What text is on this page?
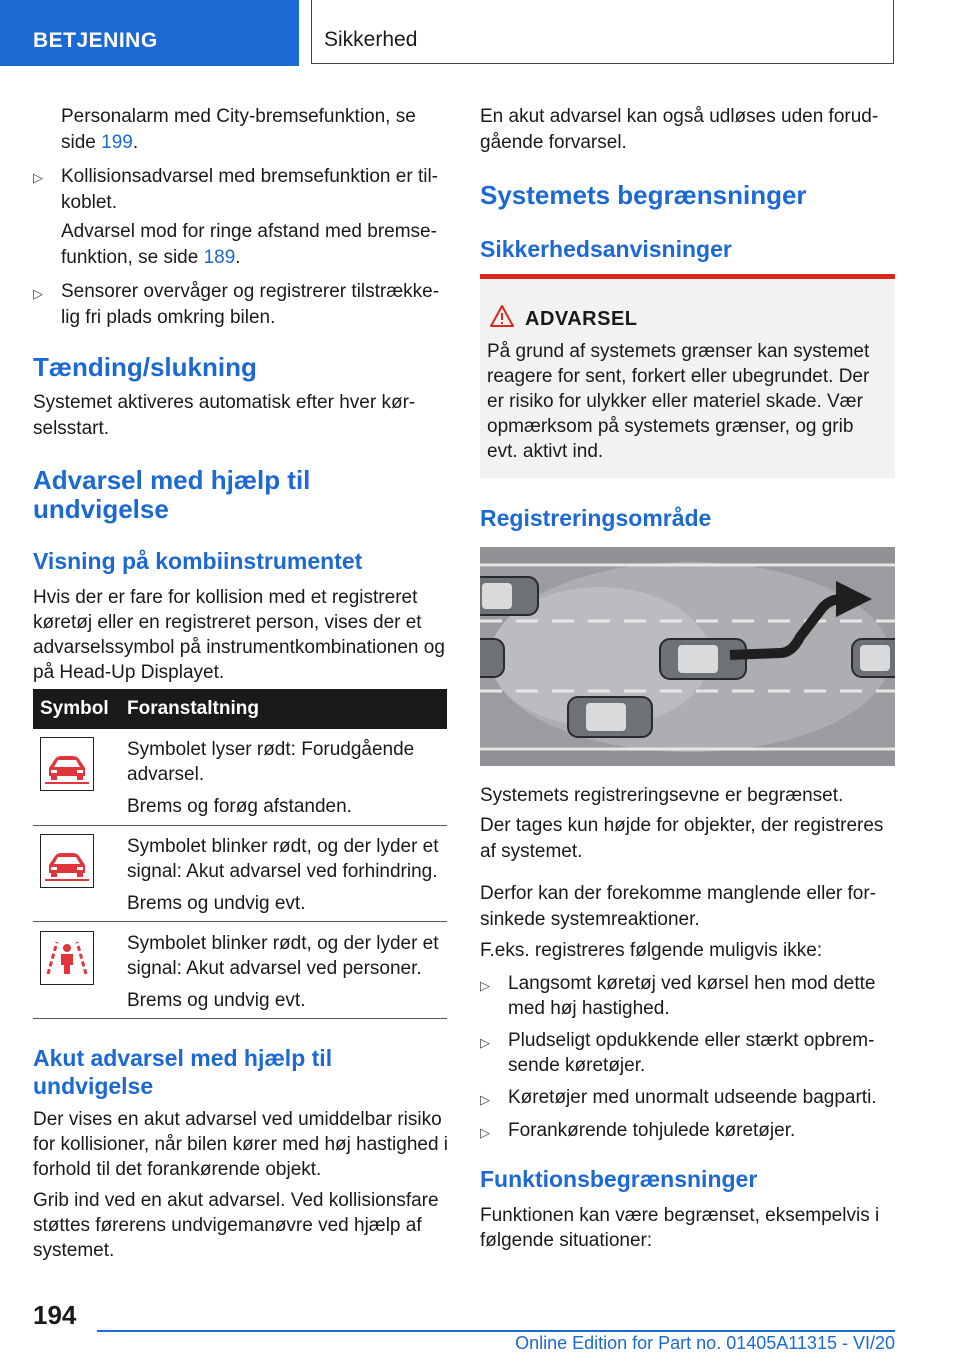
BETJENING	Sikkerhed

Personalarm med City-bremsefunktion, se

side 199.

▷ Kollisionsadvarsel med bremsefunktion er til-

koblet.

Advarsel mod for ringe afstand med bremse-

funktion, se side 189.

▷ Sensorer overvåger og registrerer tilstrække-

lig fri plads omkring bilen.

Tænding/slukning

Systemet aktiveres automatisk efter hver kør-

selsstart.

Advarsel med hjælp til
undvigelse
Visning på kombiinstrumentet

Hvis der er fare for kollision med et registreret

køretøj eller en registreret person, vises der et

advarselssymbol på instrumentkombinationen og

på Head-Up Displayet.

Symbol Foranstaltning

Symbolet lyser rødt: Forudgående

advarsel.

Brems og forøg afstanden.

Symbolet blinker rødt, og der lyder et

signal: Akut advarsel ved forhindring.

Brems og undvig evt.

Symbolet blinker rødt, og der lyder et

signal: Akut advarsel ved personer.

Brems og undvig evt.

Akut advarsel med hjælp til
undvigelse

Der vises en akut advarsel ved umiddelbar risiko

for kollisioner, når bilen kører med høj hastighed i

forhold til det forankørende objekt.

Grib ind ved en akut advarsel. Ved kollisionsfare

støttes førerens undvigemanøvre ved hjælp af

systemet.

En akut advarsel kan også udløses uden forud-

gående forvarsel.

Systemets begrænsninger
Sikkerhedsanvisninger
ADVARSEL
På grund af systemets grænser kan systemet
reagere for sent, forkert eller ubegrundet. Der
er risiko for ulykker eller materiel skade. Vær
opmærksom på systemets grænser, og grib
evt. aktivt ind.
Registreringsområde

Systemets registreringsevne er begrænset.

Der tages kun højde for objekter, der registreres

af systemet.

Derfor kan der forekomme manglende eller for-

sinkede systemreaktioner.

F.eks. registreres følgende muligvis ikke:

▷ Langsomt køretøj ved kørsel hen mod dette

med høj hastighed.

▷ Pludseligt opdukkende eller stærkt opbrem-

sende køretøjer.

▷ Køretøjer med unormalt udseende bagparti.

▷ Forankørende tohjulede køretøjer.

Funktionsbegrænsninger

Funktionen kan være begrænset, eksempelvis i

følgende situationer:

194
Online Edition for Part no. 01405A11315 - VI/20
